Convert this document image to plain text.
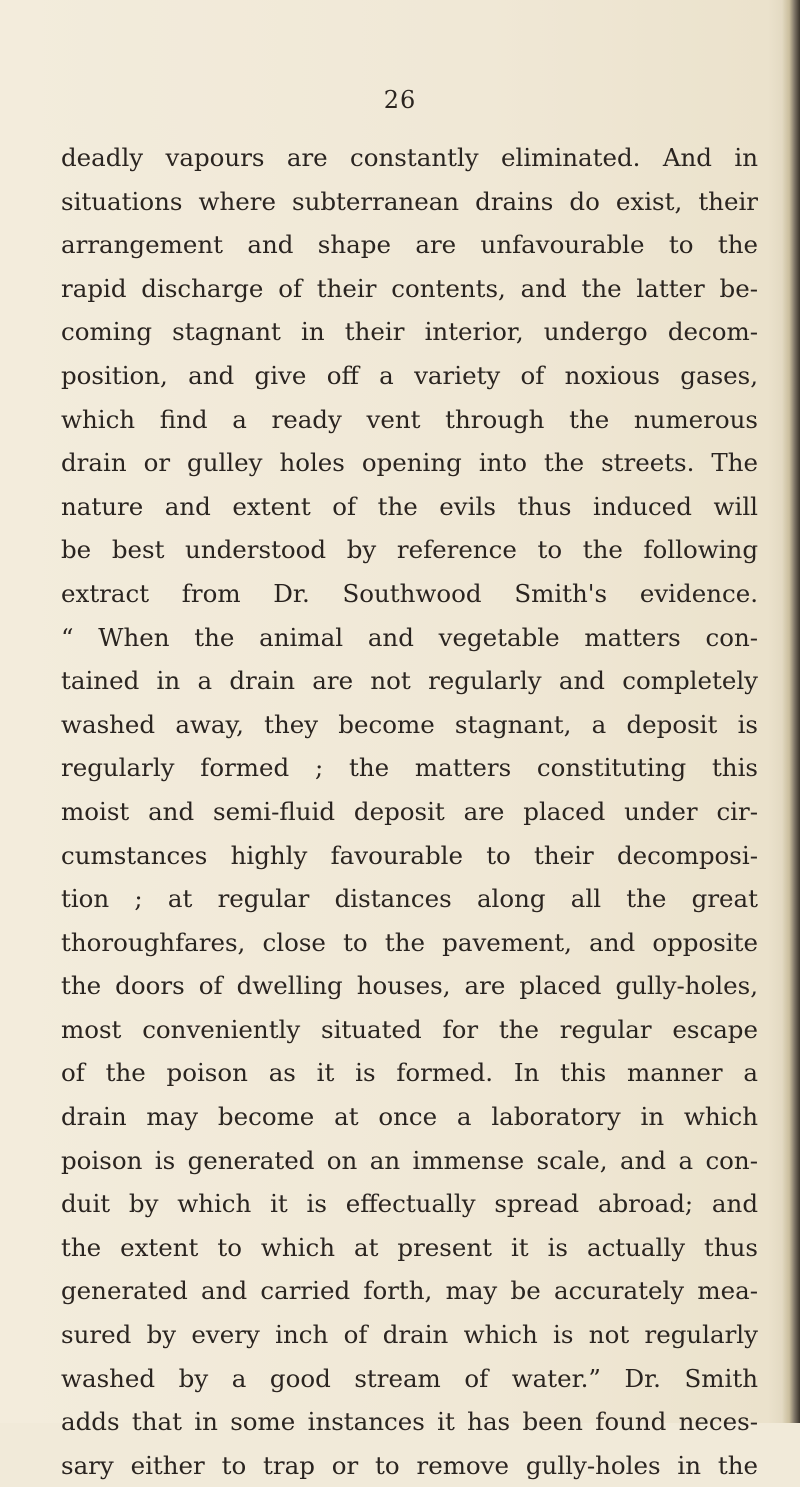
26
deadly vapours are constantly eliminated. And in
situations where subterranean drains do exist, their
arrangement and shape are unfavourable to the
rapid discharge of their contents, and the latter be-
coming stagnant in their interior, undergo decom-
position, and give off a variety of noxious gases,
which find a ready vent through the numerous
drain or gulley holes opening into the streets. The
nature and extent of the evils thus induced will
be best understood by reference to the following
extract from Dr. Southwood Smith's evidence.
“ When the animal and vegetable matters con-
tained in a drain are not regularly and completely
washed away, they become stagnant, a deposit is
regularly formed ; the matters constituting this
moist and semi-fluid deposit are placed under cir-
cumstances highly favourable to their decomposi-
tion ; at regular distances along all the great
thoroughfares, close to the pavement, and opposite
the doors of dwelling houses, are placed gully-holes,
most conveniently situated for the regular escape
of the poison as it is formed. In this manner a
drain may become at once a laboratory in which
poison is generated on an immense scale, and a con-
duit by which it is effectually spread abroad; and
the extent to which at present it is actually thus
generated and carried forth, may be accurately mea-
sured by every inch of drain which is not regularly
washed by a good stream of water.” Dr. Smith
adds that in some instances it has been found neces-
sary either to trap or to remove gully-holes in the
